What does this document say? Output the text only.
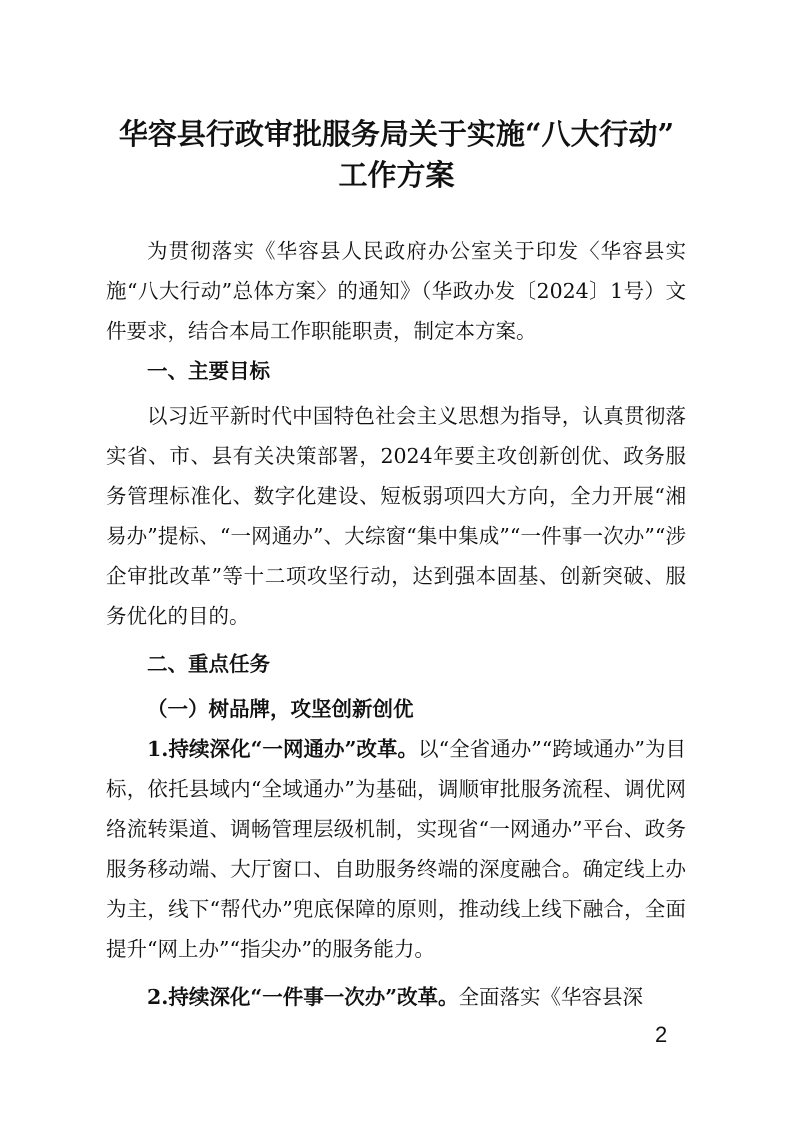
华容县行政审批服务局关于实施“八大行动”
工作方案

为贯彻落实《华容县人民政府办公室关于印发〈华容县实施“八大行动”总体方案〉的通知》（华政办发〔2024〕1号）文件要求，结合本局工作职能职责，制定本方案。

一、主要目标

以习近平新时代中国特色社会主义思想为指导，认真贯彻落实省、市、县有关决策部署，2024年要主攻创新创优、政务服务管理标准化、数字化建设、短板弱项四大方向，全力开展“湘易办”提标、“一网通办”、大综窗“集中集成”“一件事一次办”“涉企审批改革”等十二项攻坚行动，达到强本固基、创新突破、服务优化的目的。

二、重点任务

（一）树品牌，攻坚创新创优

1.持续深化“一网通办”改革。以“全省通办”“跨域通办”为目标，依托县域内“全域通办”为基础，调顺审批服务流程、调优网络流转渠道、调畅管理层级机制，实现省“一网通办”平台、政务服务移动端、大厅窗口、自助服务终端的深度融合。确定线上办为主，线下“帮代办”兜底保障的原则，推动线上线下融合，全面提升“网上办”“指尖办”的服务能力。

2.持续深化“一件事一次办”改革。全面落实《华容县深

2
